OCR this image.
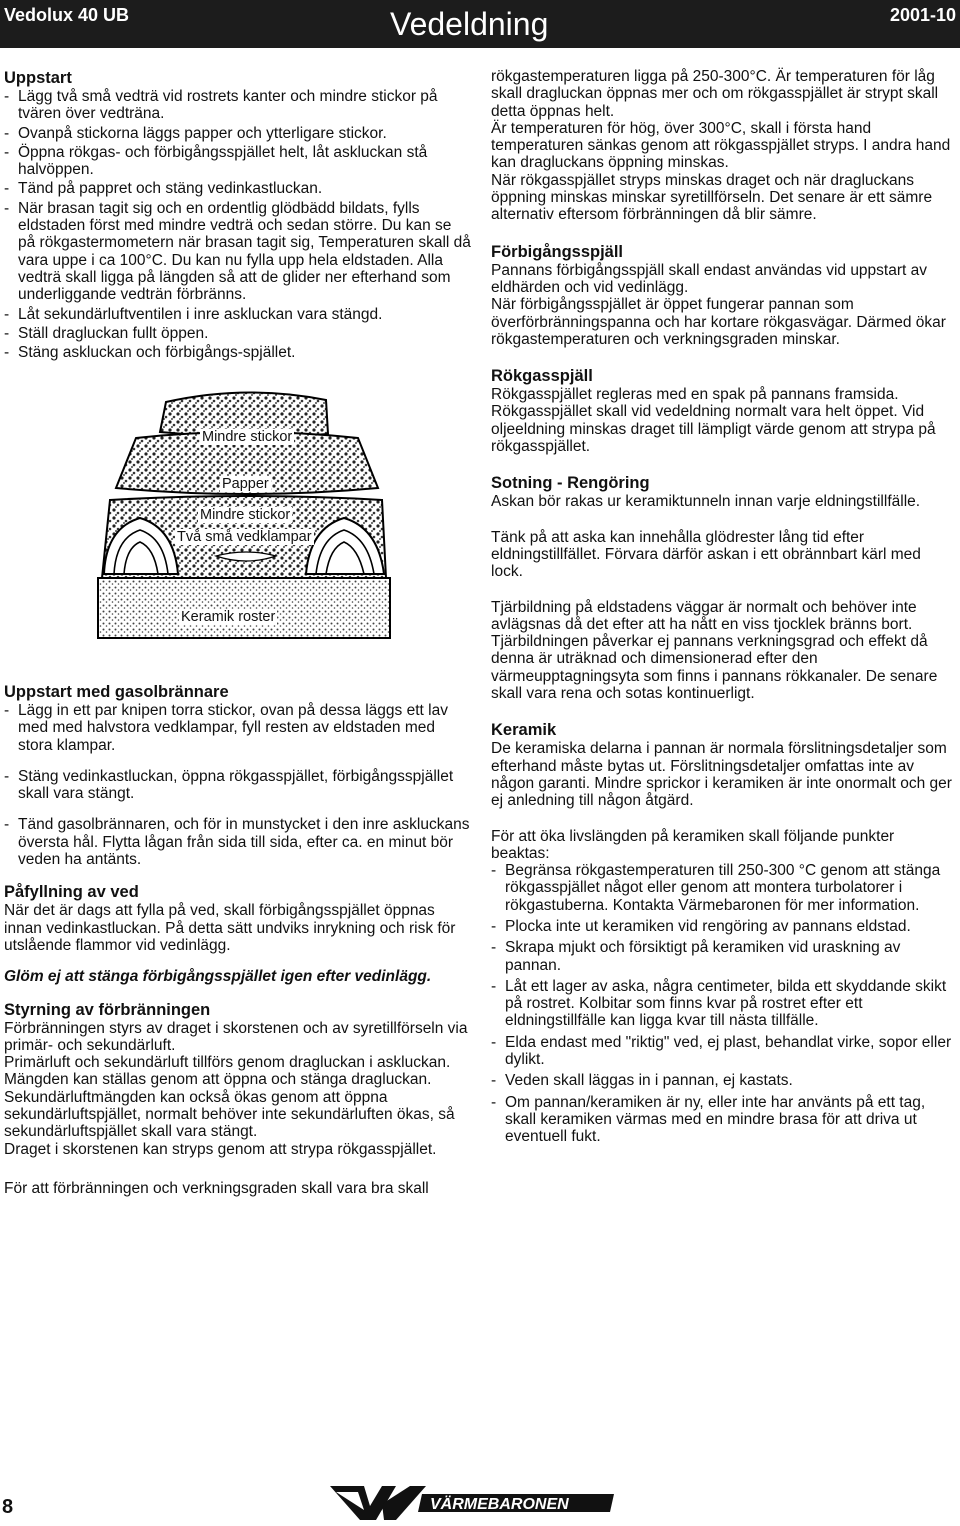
Vedolux 40 UB	Vedeldning	2001-10
Uppstart
- Lägg två små vedträ vid rostrets kanter och mindre stickor på tvären över vedträna.
- Ovanpå stickorna läggs papper och ytterligare stickor.
- Öppna rökgas- och förbigångsspjället helt, låt askluckan stå halvöppen.
- Tänd på pappret och stäng vedinkastluckan.
- När brasan tagit sig och en ordentlig glödbädd bildats, fylls eldstaden först med mindre vedträ och sedan större. Du kan se på rökgastermometern när brasan tagit sig, Temperaturen skall då vara uppe i ca 100°C. Du kan nu fylla upp hela eldstaden. Alla vedträ skall ligga på längden så att de glider ner efterhand som underliggande vedträn förbränns.
- Låt sekundärluftventilen i inre askluckan vara stängd.
- Ställ dragluckan fullt öppen.
- Stäng askluckan och förbigångs-spjället.
Mindre stickor
Papper
Mindre stickor
Två små vedklampar
Keramik roster
Uppstart med gasolbrännare
- Lägg in ett par knipen torra stickor, ovan på dessa läggs ett lav med med halvstora vedklampar, fyll resten av eldstaden med stora klampar.
- Stäng vedinkastluckan, öppna rökgasspjället, förbigångsspjället skall vara stängt.
- Tänd gasolbrännaren, och för in munstycket i den inre askluckans översta hål. Flytta lågan från sida till sida, efter ca. en minut bör veden ha antänts.
Påfyllning av ved

När det är dags att fylla på ved, skall förbigångsspjället öppnas innan vedinkastluckan. På detta sätt undviks inrykning och risk för utslående flammor vid vedinlägg.

Glöm ej att stänga förbigångsspjället igen efter vedinlägg.

Styrning av förbränningen

Förbränningen styrs av draget i skorstenen och av syretillförseln via primär- och sekundärluft.

Primärluft och sekundärluft tillförs genom dragluckan i askluckan. Mängden kan ställas genom att öppna och stänga dragluckan.

Sekundärluftmängden kan också ökas genom att öppna sekundärluftspjället, normalt behöver inte sekundärluften ökas, så sekundärluftspjället skall vara stängt.

Draget i skorstenen kan stryps genom att strypa rökgasspjället.

För att förbränningen och verkningsgraden skall vara bra skall

rökgastemperaturen ligga på 250-300°C. Är temperaturen för låg skall dragluckan öppnas mer och om rökgasspjället är strypt skall detta öppnas helt.

Är temperaturen för hög, över 300°C, skall i första hand temperaturen sänkas genom att rökgasspjället stryps. I andra hand kan dragluckans öppning minskas.

När rökgasspjället stryps minskas draget och när dragluckans öppning minskas minskar syretillförseln. Det senare är ett sämre alternativ eftersom förbränningen då blir sämre.

Förbigångsspjäll

Pannans förbigångsspjäll skall endast användas vid uppstart av eldhärden och vid vedinlägg.

När förbigångsspjället är öppet fungerar pannan som överförbränningspanna och har kortare rökgasvägar. Därmed ökar rökgastemperaturen och verkningsgraden minskar.

Rökgasspjäll

Rökgasspjället regleras med en spak på pannans framsida.

Rökgasspjället skall vid vedeldning normalt vara helt öppet. Vid oljeeldning minskas draget till lämpligt värde genom att strypa på rökgasspjället.

Sotning - Rengöring

Askan bör rakas ur keramiktunneln innan varje eldningstillfälle.

Tänk på att aska kan innehålla glödrester lång tid efter eldningstillfället. Förvara därför askan i ett obrännbart kärl med lock.

Tjärbildning på eldstadens väggar är normalt och behöver inte avlägsnas då det efter att ha nått en viss tjocklek bränns bort. Tjärbildningen påverkar ej pannans verkningsgrad och effekt då denna är uträknad och dimensionerad efter den värmeupptagningsyta som finns i pannans rökkanaler. De senare skall vara rena och sotas kontinuerligt.

Keramik

De keramiska delarna i pannan är normala förslitningsdetaljer som efterhand måste bytas ut. Förslitningsdetaljer omfattas inte av någon garanti. Mindre sprickor i keramiken är inte onormalt och ger ej anledning till någon åtgärd.

För att öka livslängden på keramiken skall följande punkter beaktas:

- Begränsa rökgastemperaturen till 250-300 °C genom att stänga rökgasspjället något eller genom att montera turbolatorer i rökgastuberna. Kontakta Värmebaronen för mer information.
- Plocka inte ut keramiken vid rengöring av pannans eldstad.
- Skrapa mjukt och försiktigt på keramiken vid uraskning av pannan.
- Låt ett lager av aska, några centimeter, bilda ett skyddande skikt på rostret. Kolbitar som finns kvar på rostret efter ett eldningstillfälle kan ligga kvar till nästa tillfälle.
- Elda endast med "riktig" ved, ej plast, behandlat virke, sopor eller dylikt.
- Veden skall läggas in i pannan, ej kastats.
- Om pannan/keramiken är ny, eller inte har använts på ett tag, skall keramiken värmas med en mindre brasa för att driva ut eventuell fukt.
8	VÄRMEBARONEN
